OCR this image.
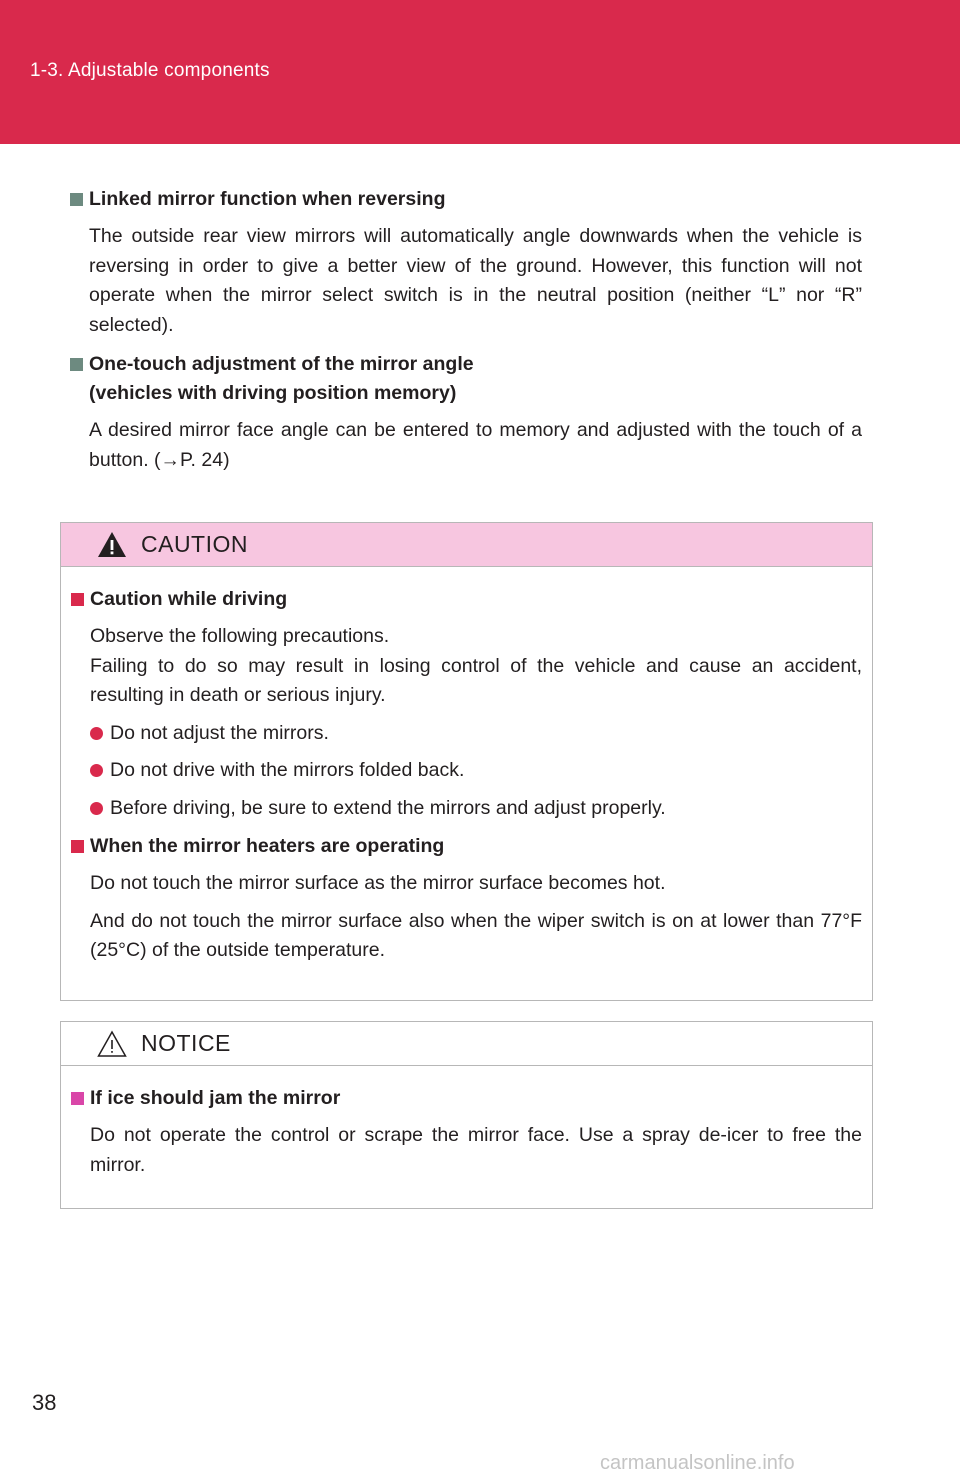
1-3. Adjustable components
Linked mirror function when reversing
The outside rear view mirrors will automatically angle downwards when the vehicle is reversing in order to give a better view of the ground. However, this function will not operate when the mirror select switch is in the neutral position (neither “L” nor “R” selected).
One-touch adjustment of the mirror angle
(vehicles with driving position memory)
A desired mirror face angle can be entered to memory and adjusted with the touch of a button. (→P. 24)
CAUTION
Caution while driving
Observe the following precautions.
Failing to do so may result in losing control of the vehicle and cause an accident, resulting in death or serious injury.
Do not adjust the mirrors.
Do not drive with the mirrors folded back.
Before driving, be sure to extend the mirrors and adjust properly.
When the mirror heaters are operating
Do not touch the mirror surface as the mirror surface becomes hot.
And do not touch the mirror surface also when the wiper switch is on at lower than 77°F (25°C) of the outside temperature.
NOTICE
If ice should jam the mirror
Do not operate the control or scrape the mirror face. Use a spray de-icer to free the mirror.
38
carmanualsonline.info
